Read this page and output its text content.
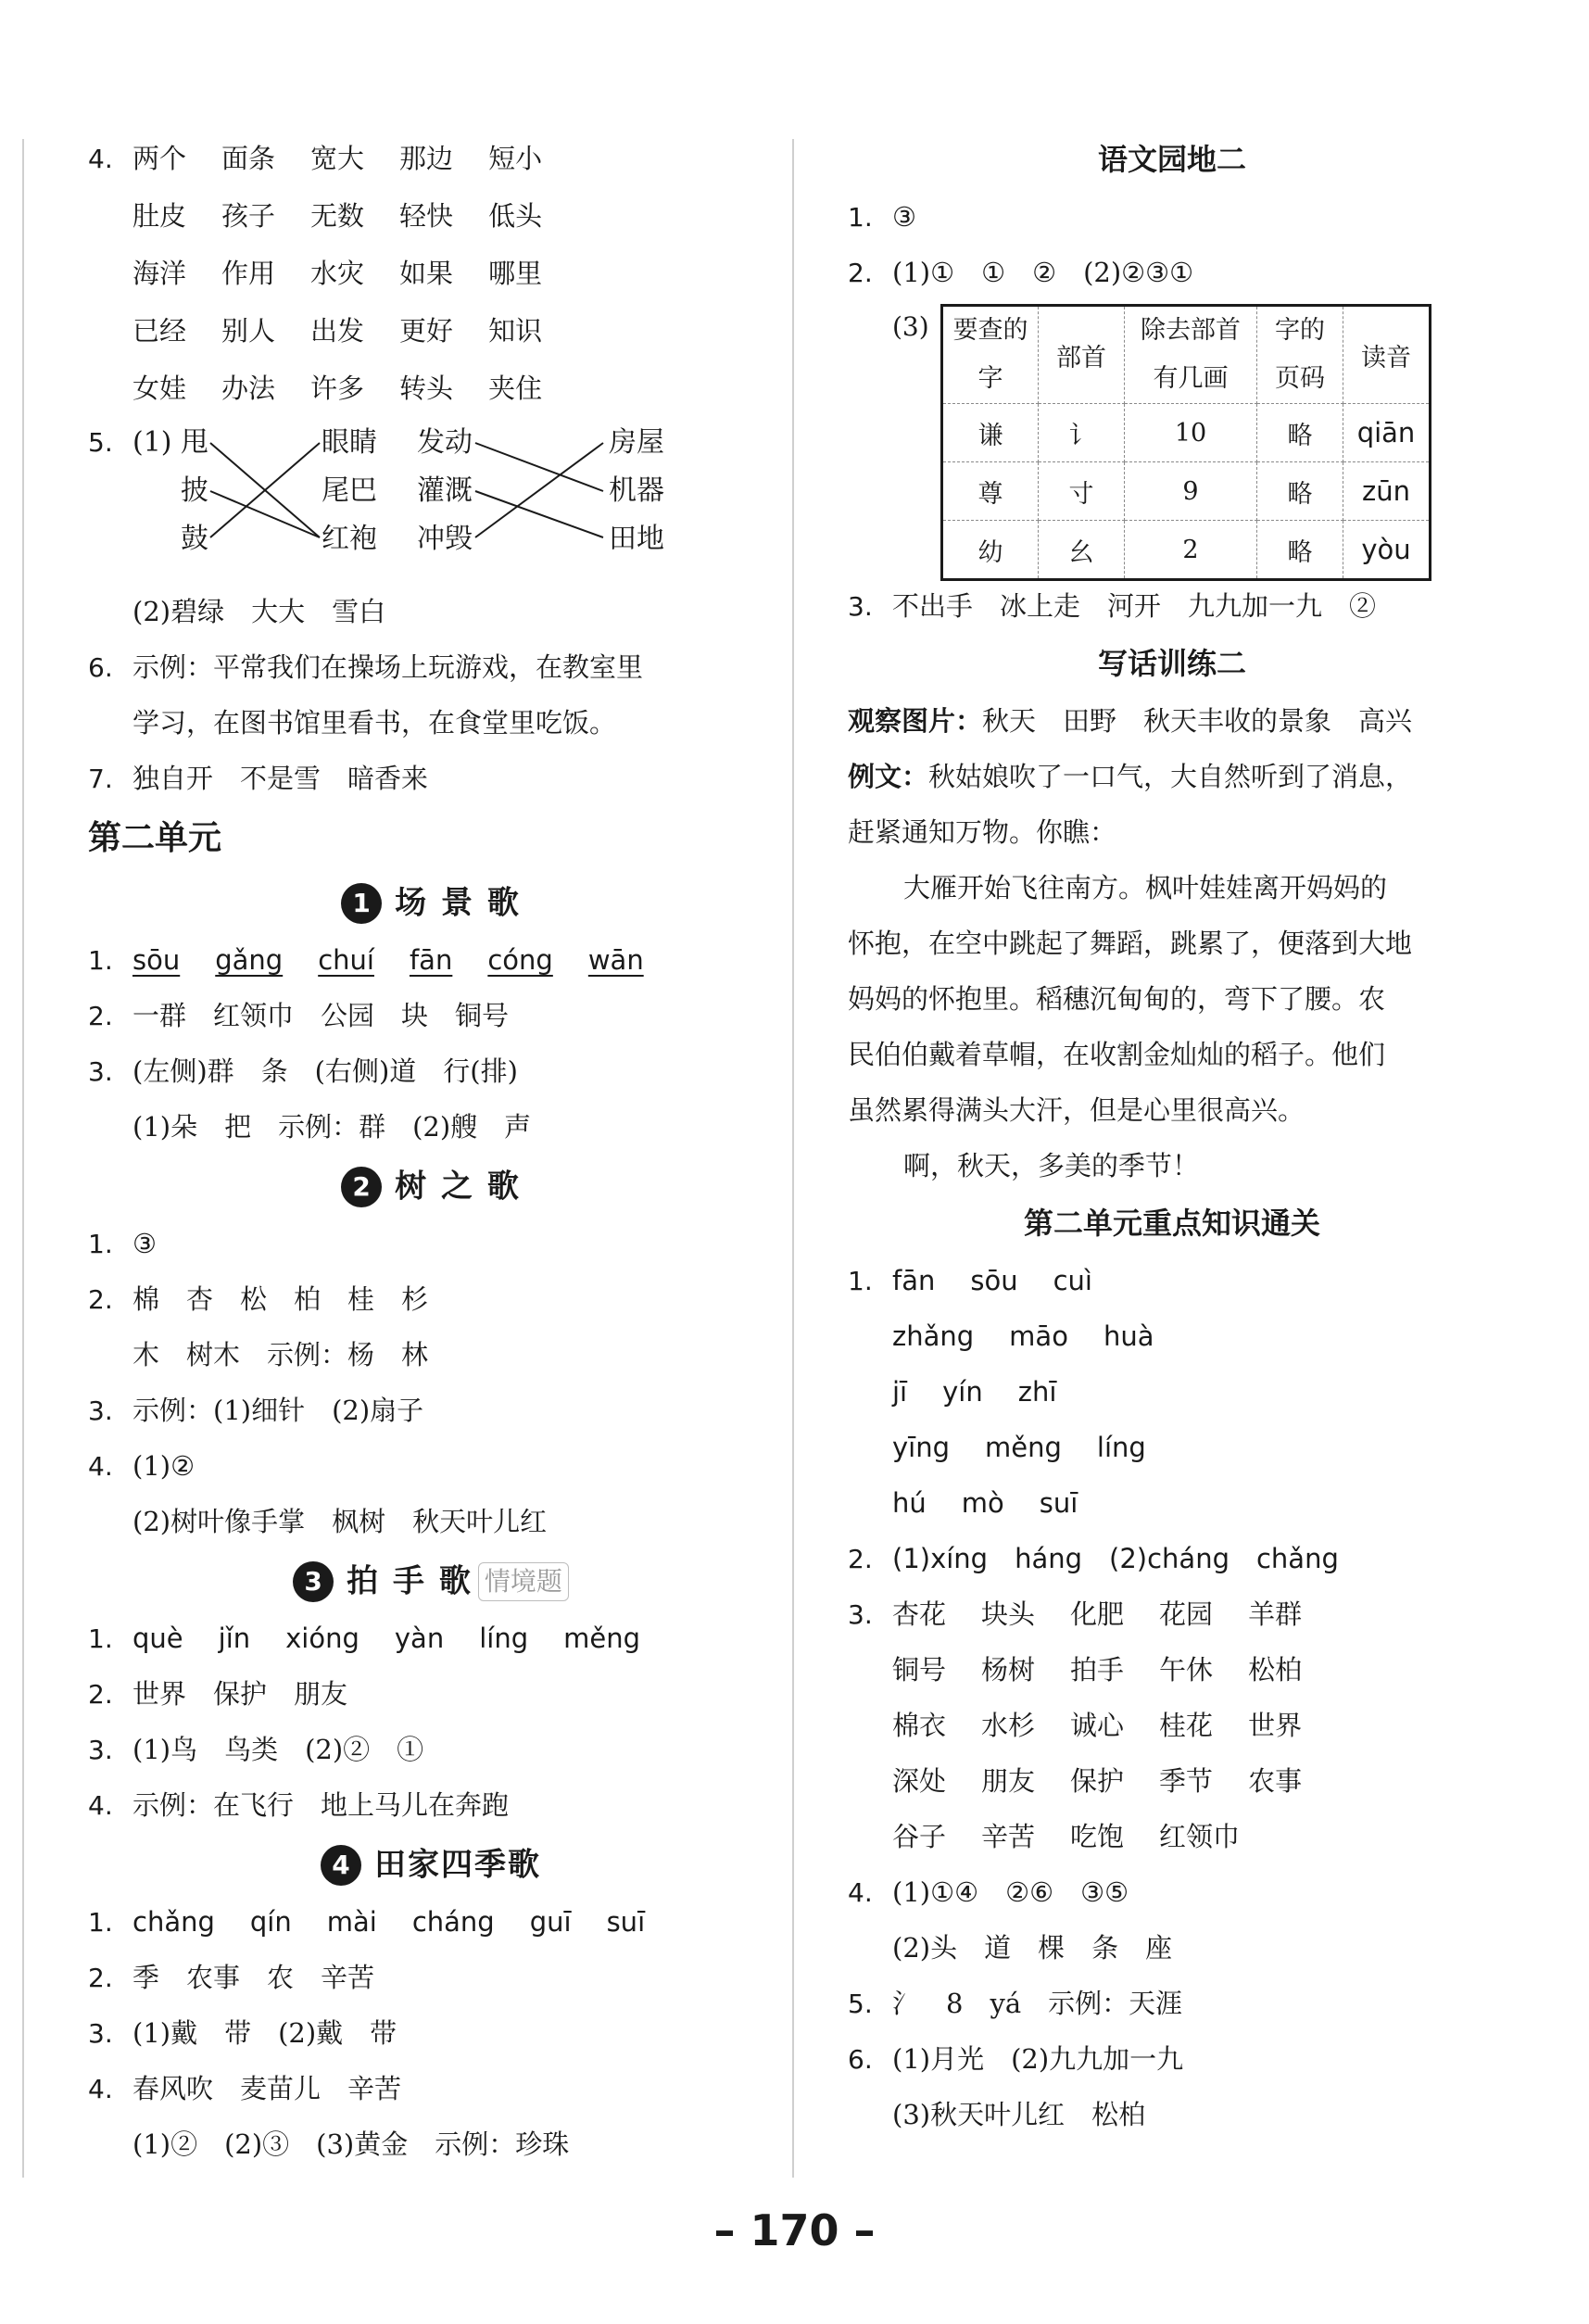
4. 两个 面条 宽大 那边 短小
肚皮 孩子 无数 轻快 低头
海洋 作用 水灾 如果 哪里
已经 别人 出发 更好 知识
女娃 办法 许多 转头 夹住
5. (1) 甩
披
鼓
眼睛
尾巴
红袍
发动
灌溉
冲毁
房屋
机器
田地
(2)碧绿　大大　雪白
6. 示例：平常我们在操场上玩游戏，在教室里
学习，在图书馆里看书，在食堂里吃饭。
7. 独自开　不是雪　暗香来
第二单元
1 场 景 歌
1. sōu gǎng chuí fān cóng wān
2. 一群　红领巾　公园　块　铜号
3. (左侧)群　条　(右侧)道　行(排)
(1)朵　把　示例：群　(2)艘　声
2 树 之 歌
1. ③
2. 棉　杏　松　柏　桂　杉
木　树木　示例：杨　林
3. 示例：(1)细针　(2)扇子
4. (1)②
(2)树叶像手掌　枫树　秋天叶儿红
3 拍 手 歌 情境题
1. què jǐn xióng yàn líng měng
2. 世界　保护　朋友
3. (1)鸟　鸟类　(2)②　①
4. 示例：在飞行　地上马儿在奔跑
4 田家四季歌
1. chǎng qín mài cháng guī suī
2. 季　农事　农　辛苦
3. (1)戴　带　(2)戴　带
4. 春风吹　麦苗儿　辛苦
(1)②　(2)③　(3)黄金　示例：珍珠
语文园地二
1. ③
2. (1)①　①　②　(2)②③①
(3) 要查的字	部首	除去部首有几画	字的页码	读音
谦	讠	10	略	qiān
尊	寸	9	略	zūn
幼	幺	2	略	yòu
3. 不出手　冰上走　河开　九九加一九　②
写话训练二
观察图片：秋天　田野　秋天丰收的景象　高兴
例文：秋姑娘吹了一口气，大自然听到了消息，
赶紧通知万物。你瞧：
大雁开始飞往南方。枫叶娃娃离开妈妈的
怀抱，在空中跳起了舞蹈，跳累了，便落到大地
妈妈的怀抱里。稻穗沉甸甸的，弯下了腰。农
民伯伯戴着草帽，在收割金灿灿的稻子。他们
虽然累得满头大汗，但是心里很高兴。
啊，秋天，多美的季节！
第二单元重点知识通关
1. fān sōu cuì
zhǎng māo huà
jī yín zhī
yīng měng líng
hú mò suī
2. (1)xíng　háng　(2)cháng　chǎng
3. 杏花 块头 化肥 花园 羊群
铜号 杨树 拍手 午休 松柏
棉衣 水杉 诚心 桂花 世界
深处 朋友 保护 季节 农事
谷子 辛苦 吃饱 红领巾
4. (1)①④　②⑥　③⑤
(2)头　道　棵　条　座
5. 氵　8　yá　示例：天涯
6. (1)月光　(2)九九加一九
(3)秋天叶儿红　松柏
– 170 –
